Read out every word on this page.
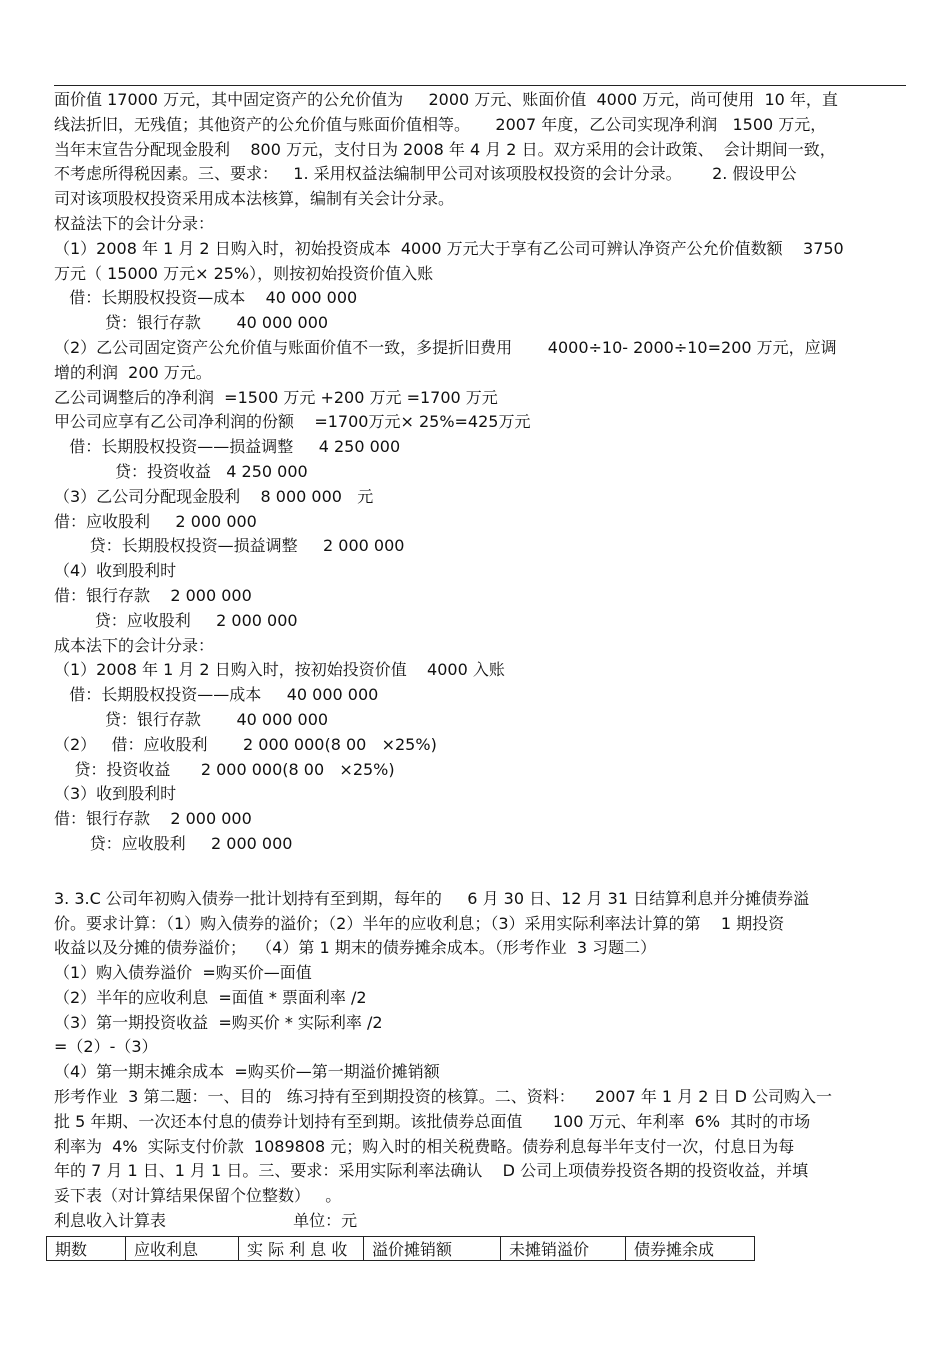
面价值 17000 万元，其中固定资产的公允价值为     2000 万元、账面价值  4000 万元，尚可使用  10 年，直
线法折旧，无残值；其他资产的公允价值与账面价值相等。     2007 年度，乙公司实现净利润   1500 万元，
当年末宣告分配现金股利    800 万元，支付日为 2008 年 4 月 2 日。双方采用的会计政策、  会计期间一致，
不考虑所得税因素。三、要求：   1. 采用权益法编制甲公司对该项股权投资的会计分录。      2. 假设甲公
司对该项股权投资采用成本法核算，编制有关会计分录。
权益法下的会计分录：
（1）2008 年 1 月 2 日购入时，初始投资成本  4000 万元大于享有乙公司可辨认净资产公允价值数额    3750
万元（ 15000 万元× 25%），则按初始投资价值入账
借：长期股权投资—成本    40 000 000
贷：银行存款       40 000 000
（2）乙公司固定资产公允价值与账面价值不一致，多提折旧费用       4000÷10- 2000÷10=200 万元，应调
增的利润  200 万元。
乙公司调整后的净利润  =1500 万元 +200 万元 =1700 万元
甲公司应享有乙公司净利润的份额    =1700万元× 25%=425万元
借：长期股权投资——损益调整     4 250 000
贷：投资收益   4 250 000
（3）乙公司分配现金股利    8 000 000   元
借：应收股利     2 000 000
贷：长期股权投资—损益调整     2 000 000
（4）收到股利时
借：银行存款    2 000 000
贷：应收股利     2 000 000
成本法下的会计分录：
（1）2008 年 1 月 2 日购入时，按初始投资价值    4000 入账
借：长期股权投资——成本     40 000 000
贷：银行存款       40 000 000
（2）   借：应收股利       2 000 000(8 00   ×25%)
贷：投资收益      2 000 000(8 00   ×25%)
（3）收到股利时
借：银行存款    2 000 000
贷：应收股利     2 000 000
3. 3.C 公司年初购入债券一批计划持有至到期，每年的     6 月 30 日、12 月 31 日结算利息并分摊债券溢
价。要求计算：（1）购入债券的溢价；（2）半年的应收利息；（3）采用实际利率法计算的第    1 期投资
收益以及分摊的债券溢价；  （4）第 1 期末的债券摊余成本。（形考作业  3 习题二）
（1）购入债券溢价  =购买价—面值
（2）半年的应收利息  =面值 * 票面利率 /2
（3）第一期投资收益  =购买价 * 实际利率 /2
=（2）-（3）
（4）第一期末摊余成本  =购买价—第一期溢价摊销额
形考作业  3 第二题：一、目的   练习持有至到期投资的核算。二、资料：    2007 年 1 月 2 日 D 公司购入一
批 5 年期、一次还本付息的债券计划持有至到期。该批债券总面值      100 万元、年利率  6%  其时的市场
利率为  4%  实际支付价款  1089808 元；购入时的相关税费略。债券利息每半年支付一次，付息日为每
年的 7 月 1 日、1 月 1 日。三、要求：采用实际利率法确认    D 公司上项债券投资各期的投资收益，并填
妥下表（对计算结果保留个位整数）   。
利息收入计算表                         单位：元
期数	应收利息	实 际 利 息 收	溢价摊销额	未摊销溢价	债券摊余成
